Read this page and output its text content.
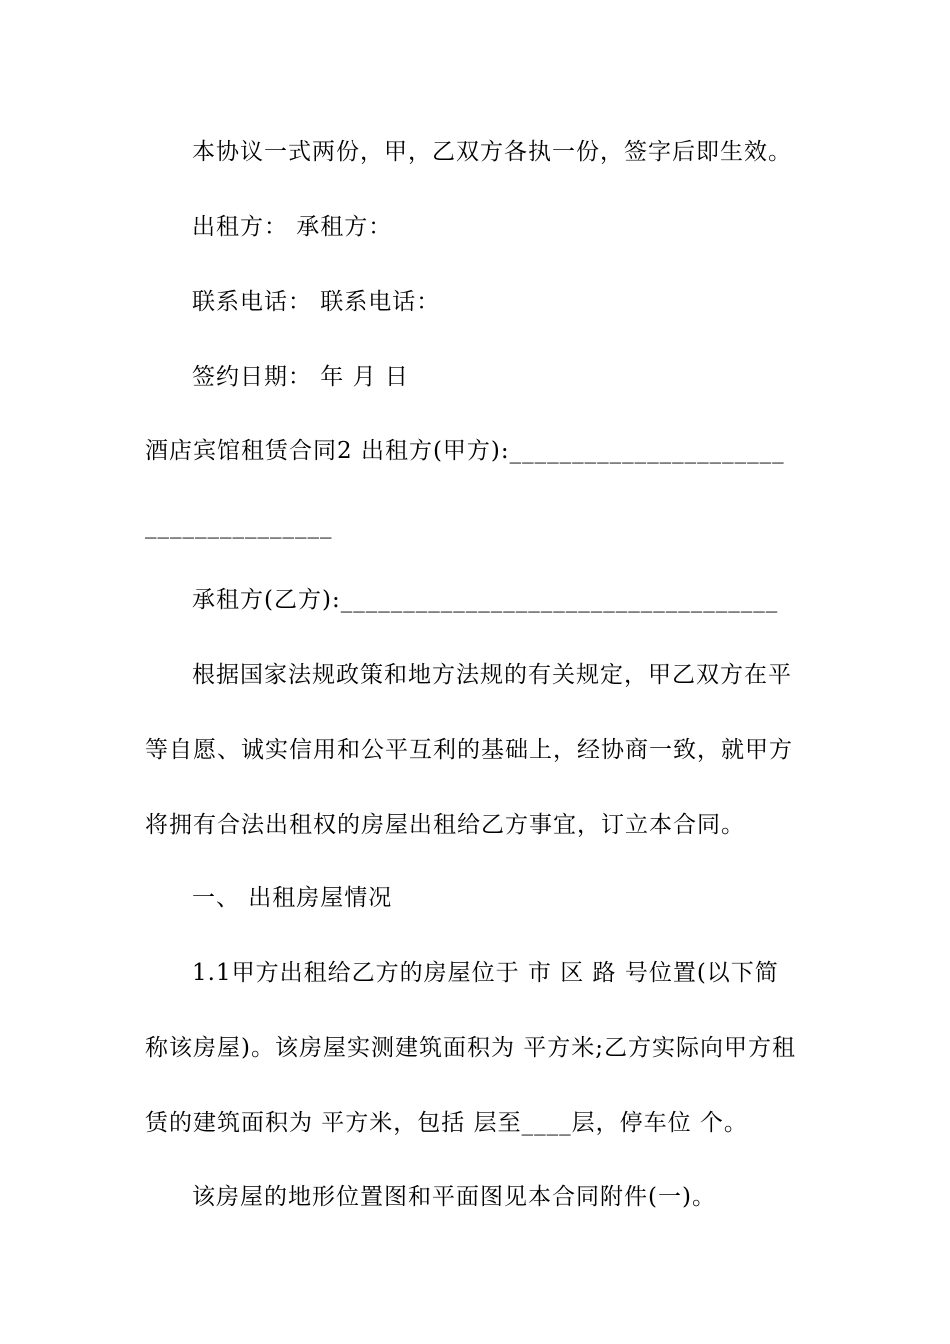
本协议一式两份，甲，乙双方各执一份，签字后即生效。
出租方： 承租方：
联系电话： 联系电话：
签约日期： 年 月 日
酒店宾馆租赁合同2 出租方(甲方):______________________
_______________
承租方(乙方):___________________________________
根据国家法规政策和地方法规的有关规定，甲乙双方在平
等自愿、诚实信用和公平互利的基础上，经协商一致，就甲方
将拥有合法出租权的房屋出租给乙方事宜，订立本合同。
一、 出租房屋情况
1.1甲方出租给乙方的房屋位于 市 区 路 号位置(以下简
称该房屋)。该房屋实测建筑面积为 平方米;乙方实际向甲方租
赁的建筑面积为 平方米，包括 层至____层，停车位 个。
该房屋的地形位置图和平面图见本合同附件(一)。
